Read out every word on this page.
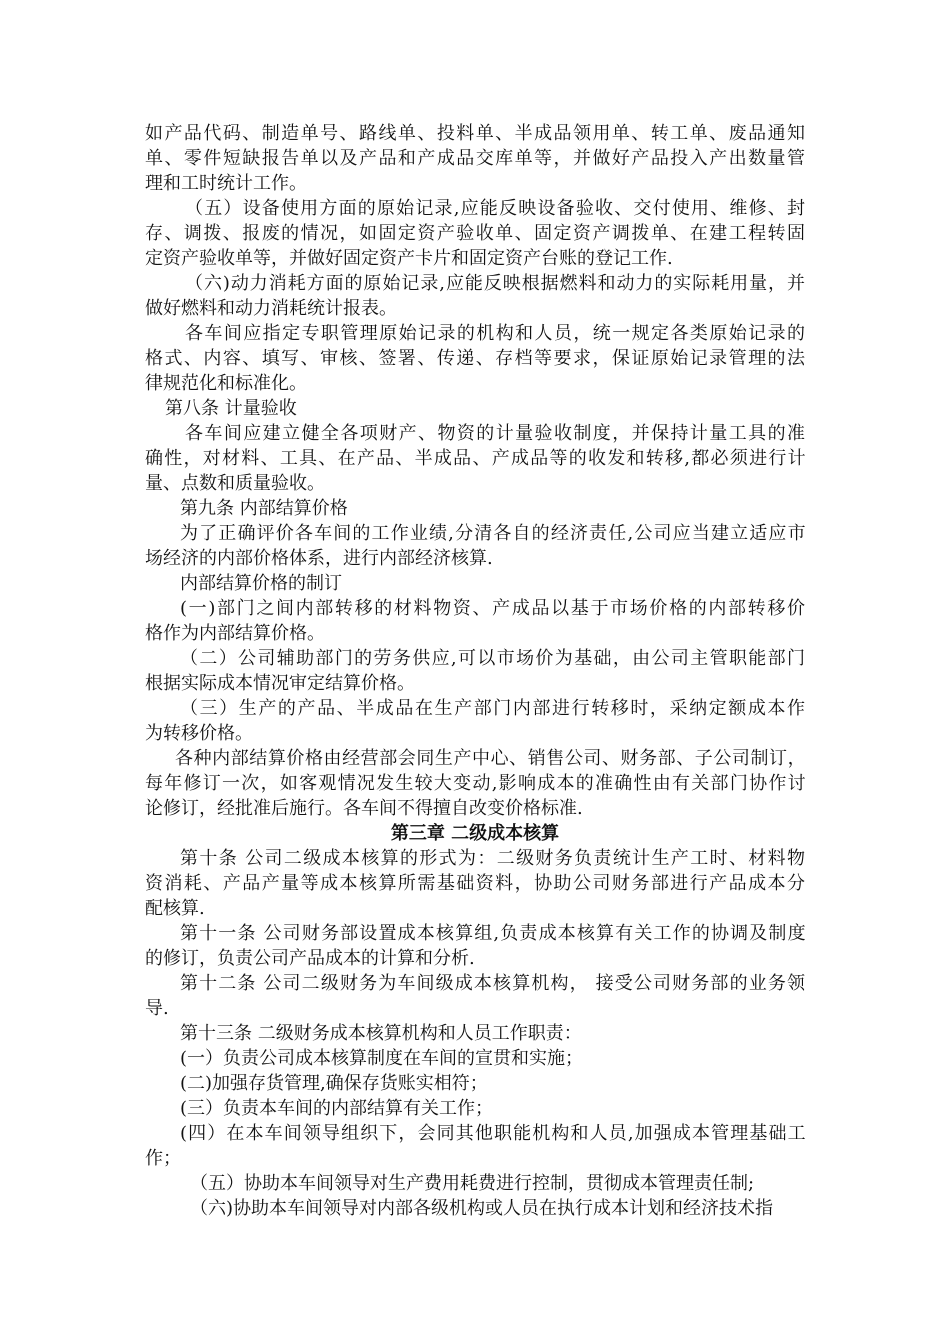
如产品代码、制造单号、路线单、投料单、半成品领用单、转工单、废品通知
单、零件短缺报告单以及产品和产成品交库单等，并做好产品投入产出数量管
理和工时统计工作。
（五）设备使用方面的原始记录,应能反映设备验收、交付使用、维修、封
存、调拨、报废的情况，如固定资产验收单、固定资产调拨单、在建工程转固
定资产验收单等，并做好固定资产卡片和固定资产台账的登记工作.
（六)动力消耗方面的原始记录,应能反映根据燃料和动力的实际耗用量，并
做好燃料和动力消耗统计报表。
各车间应指定专职管理原始记录的机构和人员，统一规定各类原始记录的
格式、内容、填写、审核、签署、传递、存档等要求，保证原始记录管理的法
律规范化和标准化。
第八条 计量验收
各车间应建立健全各项财产、物资的计量验收制度，并保持计量工具的准
确性，对材料、工具、在产品、半成品、产成品等的收发和转移,都必须进行计
量、点数和质量验收。
第九条 内部结算价格
为了正确评价各车间的工作业绩,分清各自的经济责任,公司应当建立适应市
场经济的内部价格体系，进行内部经济核算.
内部结算价格的制订
(一)部门之间内部转移的材料物资、产成品以基于市场价格的内部转移价
格作为内部结算价格。
（二）公司辅助部门的劳务供应,可以市场价为基础，由公司主管职能部门
根据实际成本情况审定结算价格。
（三）生产的产品、半成品在生产部门内部进行转移时，采纳定额成本作
为转移价格。
各种内部结算价格由经营部会同生产中心、销售公司、财务部、子公司制订，
每年修订一次，如客观情况发生较大变动,影响成本的准确性由有关部门协作讨
论修订，经批准后施行。各车间不得擅自改变价格标准.
第三章 二级成本核算
第十条 公司二级成本核算的形式为：二级财务负责统计生产工时、材料物
资消耗、产品产量等成本核算所需基础资料，协助公司财务部进行产品成本分
配核算.
第十一条 公司财务部设置成本核算组,负责成本核算有关工作的协调及制度
的修订，负责公司产品成本的计算和分析.
第十二条 公司二级财务为车间级成本核算机构， 接受公司财务部的业务领
导.
第十三条 二级财务成本核算机构和人员工作职责：
(一）负责公司成本核算制度在车间的宣贯和实施；
(二)加强存货管理,确保存货账实相符；
(三）负责本车间的内部结算有关工作；
(四）在本车间领导组织下，会同其他职能机构和人员,加强成本管理基础工
作；
（五）协助本车间领导对生产费用耗费进行控制，贯彻成本管理责任制;
（六)协助本车间领导对内部各级机构或人员在执行成本计划和经济技术指
